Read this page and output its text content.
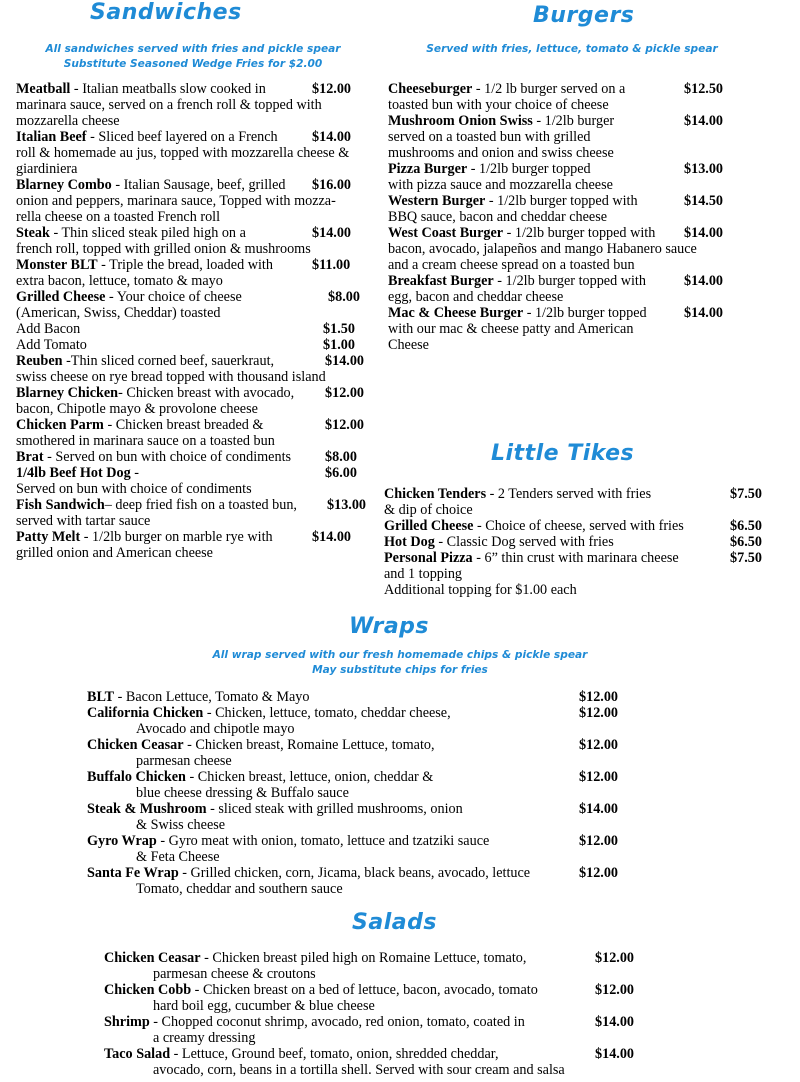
Sandwiches
All sandwiches served with fries and pickle spear
Substitute Seasoned Wedge Fries for $2.00
Meatball - Italian meatballs slow cooked in	$12.00
marinara sauce, served on a french roll & topped with
mozzarella cheese
Italian Beef - Sliced beef layered on a French $14.00
roll & homemade au jus, topped with mozzarella cheese &
giardiniera
Blarney Combo - Italian Sausage, beef, grilled $16.00
onion and peppers, marinara sauce, Topped with mozza-
rella cheese on a toasted French roll
Steak - Thin sliced steak piled high on a	$14.00
french roll, topped with grilled onion & mushrooms
Monster BLT - Triple the bread, loaded with	$11.00
extra bacon, lettuce, tomato & mayo
Grilled Cheese - Your choice of cheese	$8.00
(American, Swiss, Cheddar) toasted
Add Bacon	$1.50
Add Tomato	$1.00
Reuben -Thin sliced corned beef, sauerkraut,	$14.00
swiss cheese on rye bread topped with thousand island
Blarney Chicken- Chicken breast with avocado, $12.00
bacon, Chipotle mayo & provolone cheese
Chicken Parm - Chicken breast breaded &	$12.00
smothered in marinara sauce on a toasted bun
Brat - Served on bun with choice of condiments $8.00
1/4lb Beef Hot Dog -	$6.00
Served on bun with choice of condiments
Fish Sandwich– deep fried fish on a toasted bun, $13.00
served with tartar sauce
Patty Melt - 1/2lb burger on marble rye with	$14.00
grilled onion and American cheese
Burgers
Served with fries, lettuce, tomato & pickle spear
Cheeseburger - 1/2 lb burger served on a	$12.50
toasted bun with your choice of cheese
Mushroom Onion Swiss - 1/2lb burger	$14.00
served on a toasted bun with grilled
mushrooms and onion and swiss cheese
Pizza Burger - 1/2lb burger topped	$13.00
with pizza sauce and mozzarella cheese
Western Burger - 1/2lb burger topped with	$14.50
BBQ sauce, bacon and cheddar cheese
West Coast Burger - 1/2lb burger topped with $14.00
bacon, avocado, jalapeños and mango Habanero sauce
and a cream cheese spread on a toasted bun
Breakfast Burger - 1/2lb burger topped with	$14.00
egg, bacon and cheddar cheese
Mac & Cheese Burger - 1/2lb burger topped	$14.00
with our mac & cheese patty and American
Cheese
Little Tikes
Chicken Tenders - 2 Tenders served with fries	$7.50
& dip of choice
Grilled Cheese - Choice of cheese, served with fries	$6.50
Hot Dog - Classic Dog served with fries	$6.50
Personal Pizza - 6” thin crust with marinara cheese	$7.50
and 1 topping
Additional topping for $1.00 each
Wraps
All wrap served with our fresh homemade chips & pickle spear
May substitute chips for fries
BLT - Bacon Lettuce, Tomato & Mayo	$12.00
California Chicken - Chicken, lettuce, tomato, cheddar cheese,	$12.00
Avocado and chipotle mayo
Chicken Ceasar - Chicken breast, Romaine Lettuce, tomato,	$12.00
parmesan cheese
Buffalo Chicken - Chicken breast, lettuce, onion, cheddar &	$12.00
blue cheese dressing & Buffalo sauce
Steak & Mushroom - sliced steak with grilled mushrooms, onion	$14.00
& Swiss cheese
Gyro Wrap - Gyro meat with onion, tomato, lettuce and tzatziki sauce	$12.00
& Feta Cheese
Santa Fe Wrap - Grilled chicken, corn, Jicama, black beans, avocado, lettuce	$12.00
Tomato, cheddar and southern sauce
Salads
Chicken Ceasar - Chicken breast piled high on Romaine Lettuce, tomato,	$12.00
parmesan cheese & croutons
Chicken Cobb - Chicken breast on a bed of lettuce, bacon, avocado, tomato	$12.00
hard boil egg, cucumber & blue cheese
Shrimp - Chopped coconut shrimp, avocado, red onion, tomato, coated in	$14.00
a creamy dressing
Taco Salad - Lettuce, Ground beef, tomato, onion, shredded cheddar,	$14.00
avocado, corn, beans in a tortilla shell. Served with sour cream and salsa
